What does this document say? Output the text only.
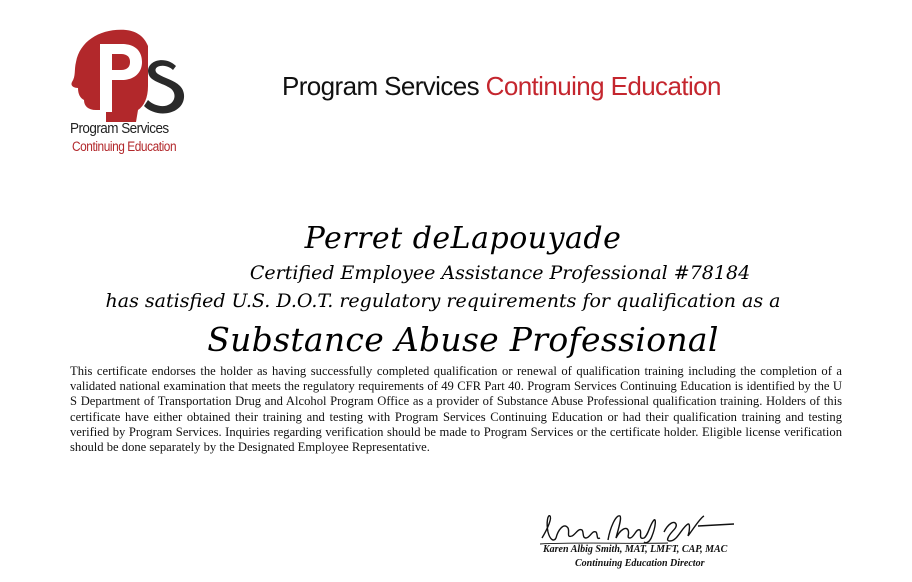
Program Services
Continuing Education
Program Services Continuing Education
Perret deLapouyade
Certified Employee Assistance Professional #78184
has satisfied U.S. D.O.T. regulatory requirements for qualification as a
Substance Abuse Professional
This certificate endorses the holder as having successfully completed qualification or renewal of qualification training including the completion of a validated national examination that meets the regulatory requirements of 49 CFR Part 40. Program Services Continuing Education is identified by the U S Department of Transportation Drug and Alcohol Program Office as a provider of Substance Abuse Professional qualification training. Holders of this certificate have either obtained their training and testing with Program Services Continuing Education or had their qualification training and testing verified by Program Services. Inquiries regarding verification should be made to Program Services or the certificate holder. Eligible license verification should be done separately by the Designated Employee Representative.
Karen Albig Smith, MAT, LMFT, CAP, MAC
Continuing Education Director
